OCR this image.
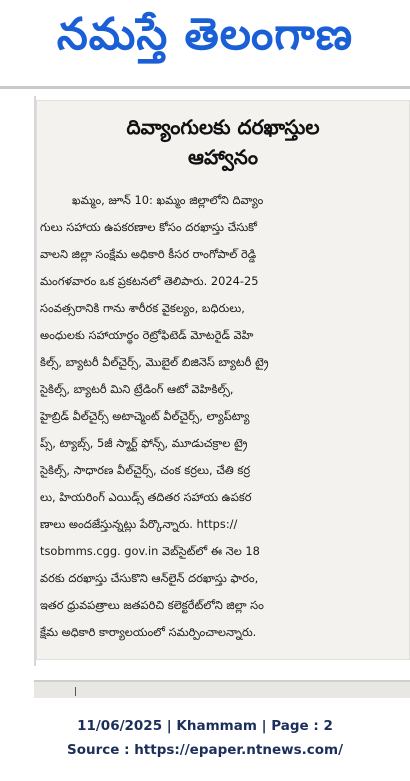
నమస్తే తెలంగాణ
దివ్యాంగులకు దరఖాస్తుల
ఆహ్వానం
ఖమ్మం, జూన్ 10: ఖమ్మం జిల్లాలోని దివ్యాం
గులు సహాయ ఉపకరణాల కోసం దరఖాస్తు చేసుకో
వాలని జిల్లా సంక్షేమ అధికారి కీసర రాంగోపాల్ రెడ్డి
మంగళవారం ఒక ప్రకటనలో తెలిపారు. 2024-25
సంవత్సరానికి గాను శారీరక వైకల్యం, బధిరులు,
అంధులకు సహాయార్థం రెట్రోఫిటెడ్ మోటరైడ్ వెహి
కిల్స్, బ్యాటరీ వీల్‌చైర్స్, మొబైల్ బిజినెస్ బ్యాటరీ ట్రై
సైకిల్స్, బ్యాటరీ మిని ట్రేడింగ్ ఆటో వెహికిల్స్,
హైబ్రిడ్ వీల్‌చైర్స్ అటాచ్మెంట్ వీల్‌చైర్స్, ల్యాప్‌ట్యా
ప్స్, ట్యాబ్స్, 5జీ స్మార్ట్ ఫోన్స్, మూడుచక్రాల ట్రై
సైకిల్స్, సాధారణ వీల్‌చైర్స్, చంక కర్రలు, చేతి కర్ర
లు, హియరింగ్ ఎయిడ్స్ తదితర సహాయ ఉపకర
ణాలు అందజేస్తున్నట్లు పేర్కొన్నారు. https://
tsobmms.cgg. gov.in వెబ్‌సైట్‌లో ఈ నెల 18
వరకు దరఖాస్తు చేసుకొని ఆన్‌లైన్ దరఖాస్తు ఫారం,
ఇతర ధ్రువపత్రాలు జతపరిచి కలెక్టరేట్‌లోని జిల్లా సం
క్షేమ అధికారి కార్యాలయంలో సమర్పించాలన్నారు.
11/06/2025 | Khammam | Page : 2
Source : https://epaper.ntnews.com/
